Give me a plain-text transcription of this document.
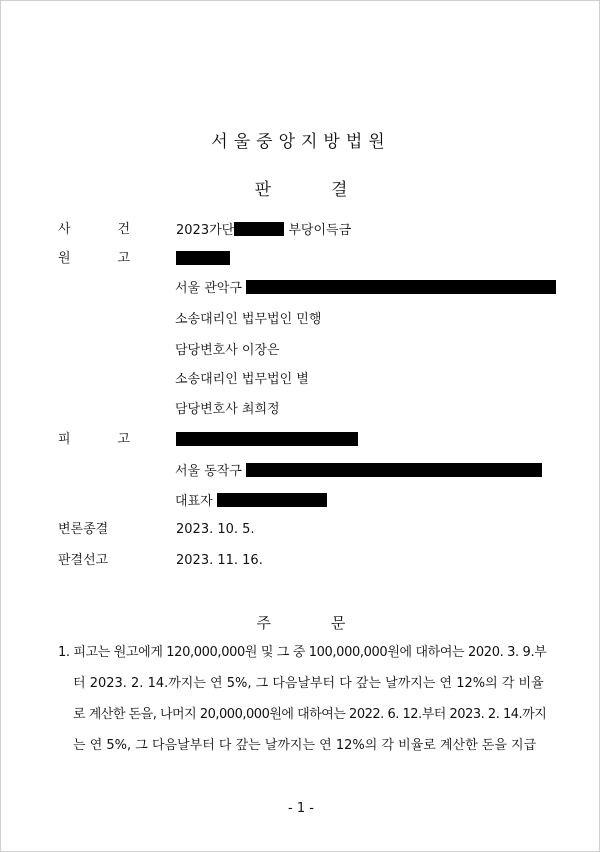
서울중앙지방법원
판	결
사 건	2023가단	부당이득금
원 고
서울 관악구
소송대리인 법무법인 민행
담당변호사 이장은
소송대리인 법무법인 별
담당변호사 최희정
피 고
서울 동작구
대표자
변론종결	2023. 10. 5.
판결선고	2023. 11. 16.
주	문
1. 피고는 원고에게 120,000,000원 및 그 중 100,000,000원에 대하여는 2020. 3. 9.부
터 2023. 2. 14.까지는 연 5%, 그 다음날부터 다 갚는 날까지는 연 12%의 각 비율
로 계산한 돈을, 나머지 20,000,000원에 대하여는 2022. 6. 12.부터 2023. 2. 14.까지
는 연 5%, 그 다음날부터 다 갚는 날까지는 연 12%의 각 비율로 계산한 돈을 지급
- 1 -
